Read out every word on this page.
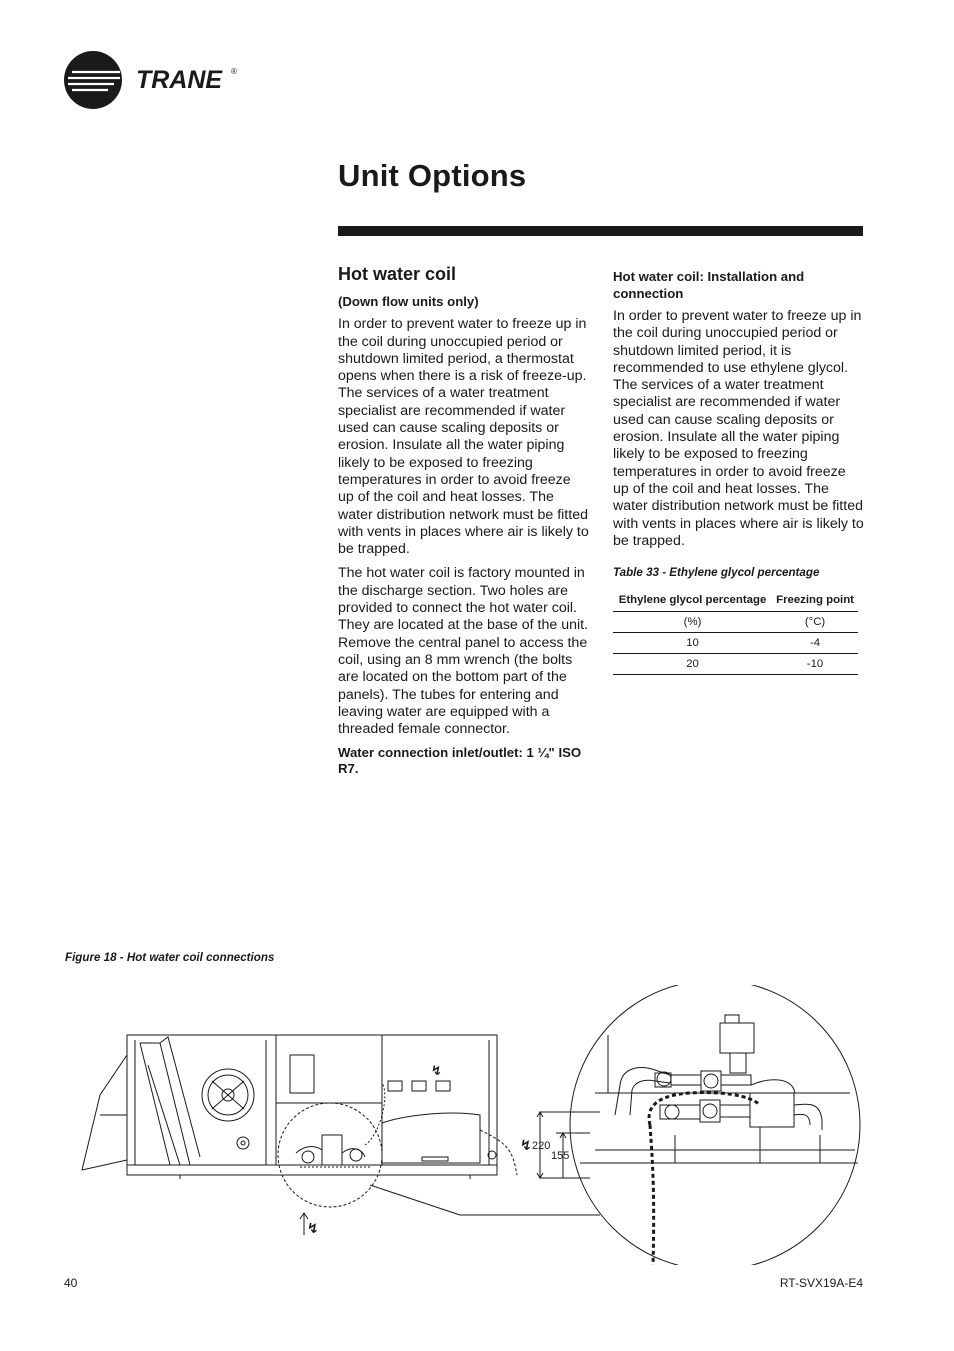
TRANE ®
Unit Options
Hot water coil
(Down flow units only)

In order to prevent water to freeze up in the coil during unoccupied period or shutdown limited period, a thermostat opens when there is a risk of freeze-up. The services of a water treatment specialist are recommended if water used can cause scaling deposits or erosion. Insulate all the water piping likely to be exposed to freezing temperatures in order to avoid freeze up of the coil and heat losses. The water distribution network must be fitted with vents in places where air is likely to be trapped.

The hot water coil is factory mounted in the discharge section. Two holes are provided to connect the hot water coil. They are located at the base of the unit. Remove the central panel to access the coil, using an 8 mm wrench (the bolts are located on the bottom part of the panels). The tubes for entering and leaving water are equipped with a threaded female connector.

Water connection inlet/outlet: 1 ¼" ISO R7.

Hot water coil: Installation and connection

In order to prevent water to freeze up in the coil during unoccupied period or shutdown limited period, it is recommended to use ethylene glycol. The services of a water treatment specialist are recommended if water used can cause scaling deposits or erosion. Insulate all the water piping likely to be exposed to freezing temperatures in order to avoid freeze up of the coil and heat losses. The water distribution network must be fitted with vents in places where air is likely to be trapped.

Table 33 - Ethylene glycol percentage
Ethylene glycol percentage	Freezing point
(%)	(°C)
10	-4
20	-10
Figure 18 - Hot water coil connections
↯
↯
↯
220
155
40	RT-SVX19A-E4
